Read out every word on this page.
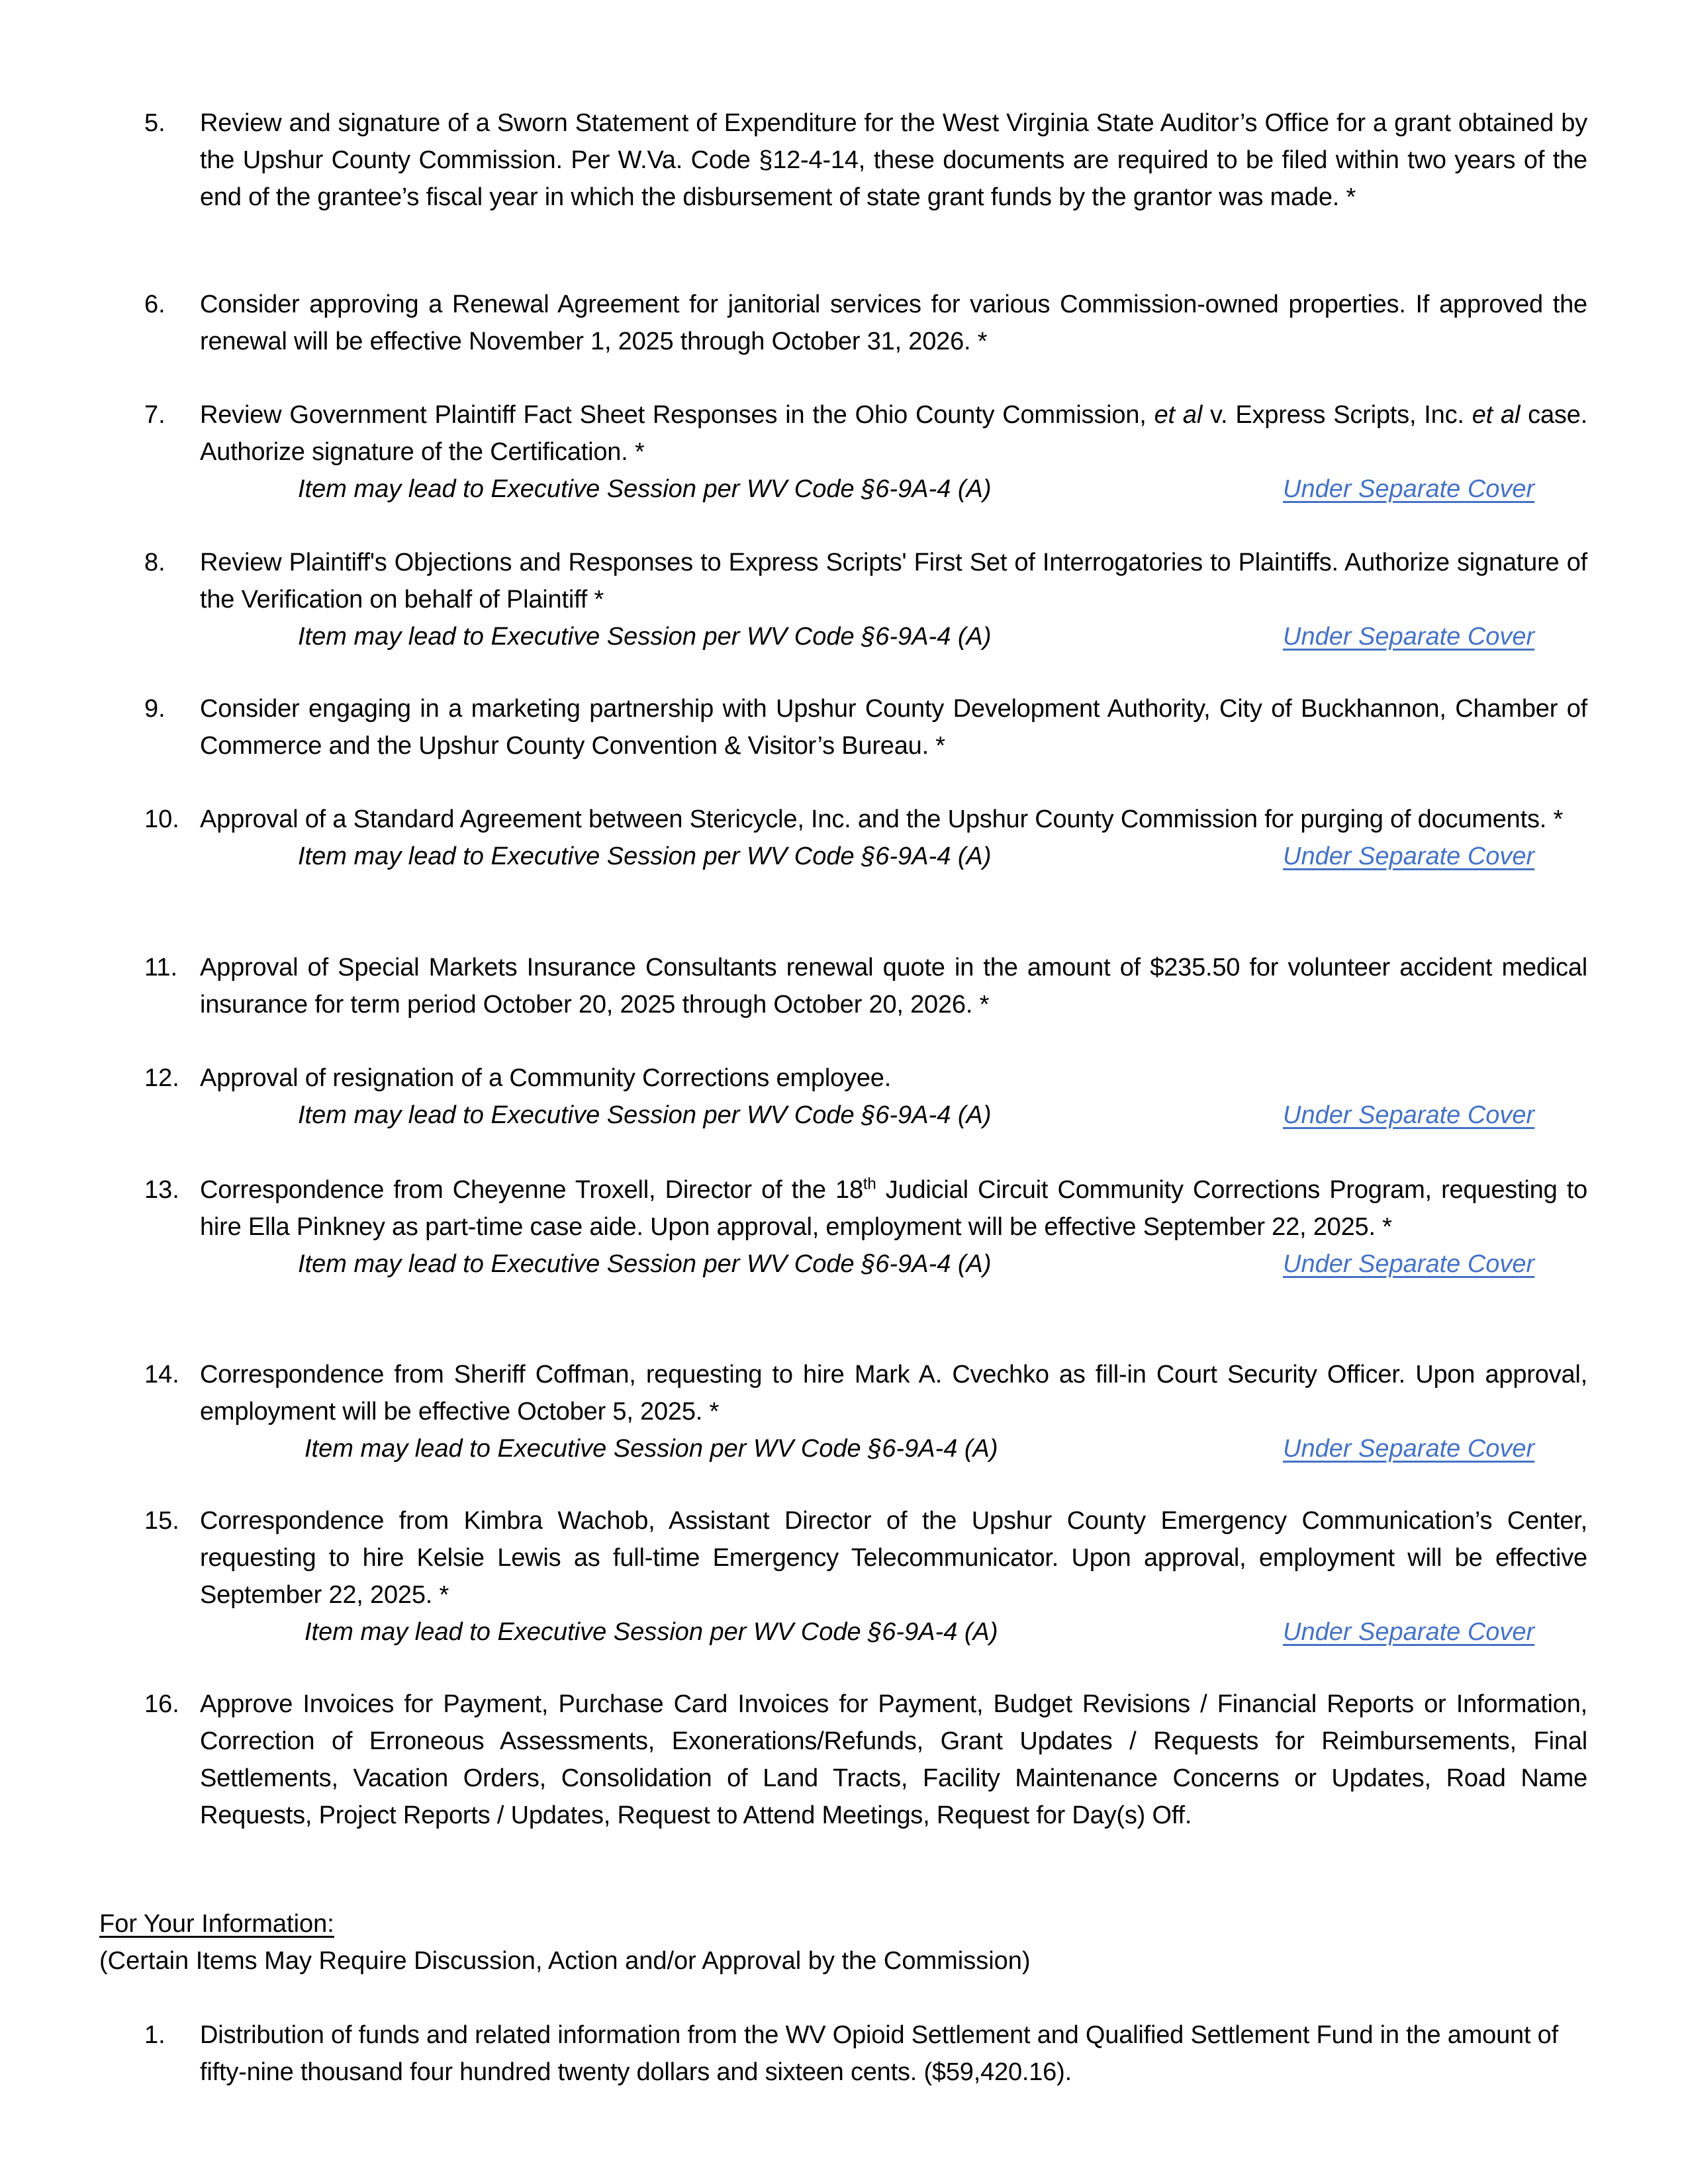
5. Review and signature of a Sworn Statement of Expenditure for the West Virginia State Auditor’s Office for a grant obtained by the Upshur County Commission. Per W.Va. Code §12-4-14, these documents are required to be filed within two years of the end of the grantee’s fiscal year in which the disbursement of state grant funds by the grantor was made. *
6. Consider approving a Renewal Agreement for janitorial services for various Commission-owned properties. If approved the renewal will be effective November 1, 2025 through October 31, 2026. *
7. Review Government Plaintiff Fact Sheet Responses in the Ohio County Commission, et al v. Express Scripts, Inc. et al case. Authorize signature of the Certification. *
Item may lead to Executive Session per WV Code §6-9A-4 (A)	Under Separate Cover
8. Review Plaintiff's Objections and Responses to Express Scripts' First Set of Interrogatories to Plaintiffs. Authorize signature of the Verification on behalf of Plaintiff *
Item may lead to Executive Session per WV Code §6-9A-4 (A)	Under Separate Cover
9. Consider engaging in a marketing partnership with Upshur County Development Authority, City of Buckhannon, Chamber of Commerce and the Upshur County Convention & Visitor’s Bureau. *
10. Approval of a Standard Agreement between Stericycle, Inc. and the Upshur County Commission for purging of documents. *
Item may lead to Executive Session per WV Code §6-9A-4 (A)	Under Separate Cover
11. Approval of Special Markets Insurance Consultants renewal quote in the amount of $235.50 for volunteer accident medical insurance for term period October 20, 2025 through October 20, 2026. *
12. Approval of resignation of a Community Corrections employee.
Item may lead to Executive Session per WV Code §6-9A-4 (A)	Under Separate Cover
13. Correspondence from Cheyenne Troxell, Director of the 18th Judicial Circuit Community Corrections Program, requesting to hire Ella Pinkney as part-time case aide. Upon approval, employment will be effective September 22, 2025. *
Item may lead to Executive Session per WV Code §6-9A-4 (A)	Under Separate Cover
14. Correspondence from Sheriff Coffman, requesting to hire Mark A. Cvechko as fill-in Court Security Officer. Upon approval, employment will be effective October 5, 2025. *
Item may lead to Executive Session per WV Code §6-9A-4 (A)	Under Separate Cover
15. Correspondence from Kimbra Wachob, Assistant Director of the Upshur County Emergency Communication’s Center, requesting to hire Kelsie Lewis as full-time Emergency Telecommunicator. Upon approval, employment will be effective September 22, 2025. *
Item may lead to Executive Session per WV Code §6-9A-4 (A)	Under Separate Cover
16. Approve Invoices for Payment, Purchase Card Invoices for Payment, Budget Revisions / Financial Reports or Information, Correction of Erroneous Assessments, Exonerations/Refunds, Grant Updates / Requests for Reimbursements, Final Settlements, Vacation Orders, Consolidation of Land Tracts, Facility Maintenance Concerns or Updates, Road Name Requests, Project Reports / Updates, Request to Attend Meetings, Request for Day(s) Off.
For Your Information:
(Certain Items May Require Discussion, Action and/or Approval by the Commission)
1. Distribution of funds and related information from the WV Opioid Settlement and Qualified Settlement Fund in the amount of fifty-nine thousand four hundred twenty dollars and sixteen cents. ($59,420.16).
